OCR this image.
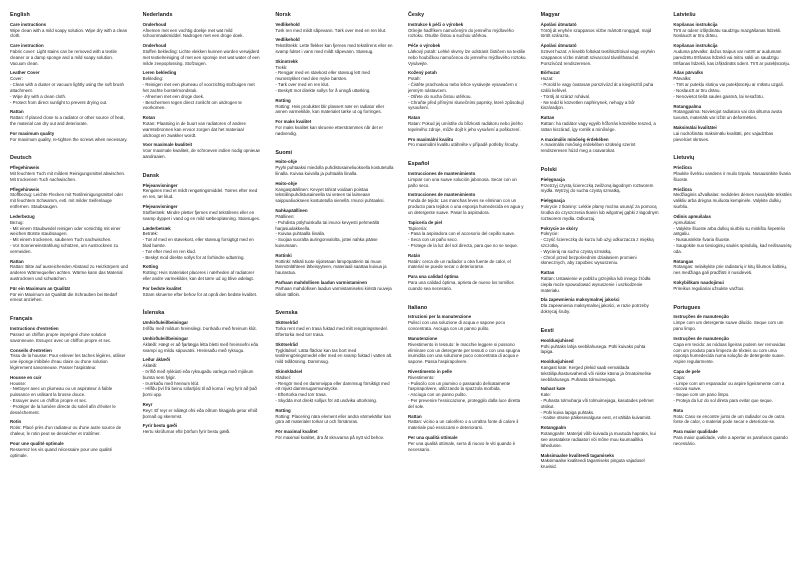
English
Care instructions

Wipe clean with a mild soapy solution. Wipe dry with a clean cloth.

Care instruction

Fabric cover: Light stains can be removed with a textile cleaner or a damp sponge and a mild soapy solution. Vacuum clean.

Leather Cover

Cover:

- Clean with a duster or vacuum lightly using the soft brush attachment.

- Wipe dry with a clean cloth.

- Protect from direct sunlight to prevent drying out.

Rattan

Rattan: If placed close to a radiator or other source of heat, the material can dry out and deteriorate.

For maximum quality

For maximum quality, re-tighten the screws when necessary.

Deutsch
Pflegehinweis

Mit feuchtem Tuch mit mildem Reinigungsmittel abwischen. Mit trockenem Tuch nachwischen.

Pflegehinweis

Stoffbezug: Leichte Flecken mit Textilreinigungsmittel oder mit feuchtem Schwamm, evtl. mit milder Seifenlauge entfernen. Staubsaugen.

Lederbezug

Bezug:

- Mit einem Staubwedel reinigen oder vorsichtig mit einer weichen Bürste staubsaugen.

- Mit einem trockenen, sauberen Tuch nachwischen.

- Vor Sonneneinstrahlung schützen, um Austrocknen zu vermeiden.

Rattan

Rattan: Bitte auf ausreichenden Abstand zu Heizkörpern und anderen Wärmequellen achten. Wärme kann das Material austrocknen und schwächen.

Für ein Maximum an Qualität

Für ein Maximum an Qualität die Schrauben bei Bedarf erneut anziehen.

Français
Instructions d'entretien

Passez un chiffon propre imprégné d'une solution savonneuse. Essuyez avec un chiffon propre et sec.

Conseils d'entretien

Tissu de la housse: Pour enlever les taches légères, utiliser une éponge imbibée d'eau claire ou d'une solution légèrement savonneuse. Passer l'aspirateur.

Housse en cuir

Housse:

- Nettoyer avec un plumeau ou un aspirateur à faible puissance en utilisant la brosse douce.

- Essuyer avec un chiffon propre et sec.

- Protéger de la lumière directe du soleil afin d'éviter le dessèchement.

Rotin

Rotin: Placé près d'un radiateur ou d'une autre source de chaleur, le rotin peut se dessécher et s'abîmer.

Pour une qualité optimale

Resserrez les vis quand nécessaire pour une qualité optimale.

Nederlands
Onderhoud

Afnemen met een vochtig doekje met wat mild schoonmaakmiddel. Nadrogen met een droge doek.

Onderhoud

Stoffen bekleding: Lichte vlekken kunnen worden verwijderd met textielreiniging of met een sponsje met wat water of een milde zeepoplossing. Stofzuigen.

Leren bekleding

Bekleding:

- Reinigen met een plumeau of voorzichtig stofzuigen met het zachte borstelmondstuk.

- Afnemen met een droge doek.

- Beschermen tegen direct zonlicht om uitdrogen te voorkomen.

Rotan

Rotan: Plaatsing in de buurt van radiatoren of andere warmtebronnen kan ervoor zorgen dat het materiaal uitdroogt en zwakker wordt.

Voor maximale kwaliteit

Voor maximale kwaliteit, de schroeven indien nodig opnieuw aandraaien.

Dansk
Plejeanvisninger

Rengøres med et mildt rengøringsmiddel. Tørres efter med en ren, tør klud.

Plejeanvisninger

Stofbetræk: Mindre pletter fjernes med tekstilrens eller en svamp dyppet i vand og en mild sæbeopløsning. Støvsuges.

Læderbetræk

Betræk:

- Tør af med en støvekost, eller støvsug forsigtigt med en blød børste.

- Tør efter med en ren klud.

- Beskyt mod direkte sollys for at forhindre udtørring.

Rotting

Rotting: Hvis materialet placeres i nærheden af radiatorer eller andre varmekilder, kan det tørre ud og blive ødelagt.

For bedste kvalitet

Stram skruerne efter behov for at opnå den bedste kvalitet.

Íslenska
Umhirðuleiðbeiningar

Þrífðu með mildum hreinsilegi. Þurrkaðu með hreinum klút.

Umhirðuleiðbeiningar

Áklæði: Hægt er að fjarlægja létta bletti með hreinsiefni eða svampi og mildu sápuvatni. Hreinsaðu með ryksugu.

Leður áklæði

Áklæði:

- Þrífið með rykkústi eða ryksugaðu varlega með mjúkum bursta sem fylgir.

- Þurrkaðu með hreinum klút.

- Hlífðu því frá beinu sólarljósi til að koma í veg fyrir að það þorni upp.

Reyr

Reyr: Ef reyr er nálægt ofni eða öðrum hitagjafa getur efnið þornað og skemmst.

Fyrir bestu gæði

Hertu skrúfurnar eftir þörfum fyrir bestu gæði.

Norsk
Vedlikehold

Tørk ren med mildt såpevann. Tørk over med en ren klut.

Vedlikehold

Tekstiltrekk: Lette flekker kan fjernes med tekstilrens eller en svamp fuktet i vann med mildt såpevann. Støvsug.

Skinntrekk

Trekk:

- Rengjør med en støvkost eller støvsug lett med munnstykket med den myke børsten.

- Tørk over med en ren klut.

- Beskytt mot direkte sollys for å unngå uttørking.

Rotting

Rotting: Hvis produktet blir plassert nær en radiator eller annen varmekilde, kan materialet tørke ut og forringes.

For maks kvalitet

For maks kvalitet kan skruene etterstrammes når det er nødvendig.

Suomi
Hoito-ohje

Pyyhi puhtaaksi miedolla puhdistusaineliuoksella kostutetulla liinalla. Kuivaa kuivalla ja puhtaalla liinalla.

Hoito-ohje

Kangaspäällinen: Kevyet tahrat voidaan poistaa tekstiilinpuhdistusaineella tai veteen tai laimeaan saippualiuokseen kostutetulla sienellä. Imuroi puhtaaksi.

Nahkapäällinen

Päällinen:

- Puhdista pölyhuiskulla tai imuroi kevyesti pehmeällä harjasuulakkeella.

- Kuivaa puhtaalla liinalla.

- Suojaa suoralta auringonvalolta, jottei nahka pääse kuivumaan.

Rottinki

Rottinki: Mikäli tuote sijoitetaan lämpöpatterin tai muun lämmönlähteen läheisyyteen, materiaali saattaa kuivua ja haurastua.

Parhaan mahdollisen laadun varmistaminen

Parhaan mahdollisen laadun varmistamiseksi kiristä ruuveja silloin tällöin.

Svenska
Skötselråd

Torka rent med en trasa fuktad med milt rengöringsmedel. Eftertorka med torr trasa.

Skötselråd

Tygklädsel: Lätta fläckar kan tas bort med textilrengöringsmedel eller med en svamp fuktad i vatten alt. mild tvållösning. Dammsug.

Skinnklädsel

Klädsel:

- Rengör med en dammvippa eller dammsug försiktigt med ett mjukt dammsugarmunstycke.

- Eftertorka med torr trasa.

- Skydda mot direkt solljus för att undvika uttorkning.

Rotting

Rotting: Placering nära element eller andra värmekällor kan göra att materialet torkar ut och försämras.

För maximal kvalitet

För maximal kvalitet, dra åt skruvarna på nytt vid behov.

Česky
Instrukce k péči o výrobek

Otírejte hadříkem namočeným do jemného mýdlového roztoku. Osušte čistou a suchou utěrkou.

Péče o výrobek

Látkový potah: Lehké skvrny lze odstranit čističem na textilie nebo houbičkou namočenou do jemného mýdlového roztoku. Vysávejte.

Kožený potah

Potah:

- Čistěte prachovkou nebo lehce vysávejte vysavačem s jemným nástavcem.

- Otřete do sucha čistou utěrkou.

- Chraňte před přímými slunečními paprsky, které způsobují vysoušení.

Ratan

Ratan: Pokud jej umístíte do blízkosti radiátoru nebo jiného tepelného zdroje, může dojít k jeho vysušení a poškození.

Pro maximální kvalitu

Pro maximální kvalitu utáhněte v případě potřeby šrouby.

Español
Instrucciones de mantenimiento

Limpiar con una suave solución jabonosa. Secar con un paño seco.

Instrucciones de mantenimiento

Funda de tejido: Las manchas leves se eliminan con un producto para tejidos o una esponja humedecida en agua y un detergente suave. Pasar la aspiradora.

Tapicería de piel

Tapicería:

- Pasa la aspiradora con el accesorio del cepillo suave.

- Seca con un paño seco.

- Protege de la luz del sol directa, para que no se seque.

Ratán

Ratán: cerca de un radiador u otra fuente de calor, el material se puede secar o deteriorarse.

Para una calidad óptima

Para una calidad óptima, aprieta de nuevo los tornillos cuando sea necesario.

Italiano
Istruzioni per la manutenzione

Pulisci con una soluzione di acqua e sapone poco concentrata. Asciuga con un panno pulito.

Manutenzione

Rivestimento in tessuto: le macchie leggere si possono eliminare con un detergente per tessuti o con una spugna inumidita con una soluzione poco concentrata di acqua e sapone. Passa l'aspirapolvere.

Rivestimento in pelle

Rivestimento:

- Puliscilo con un piumino o passando delicatamente l'aspirapolvere, utilizzando la spazzola morbida.

- Asciuga con un panno pulito.

- Per prevenire l'essiccazione, proteggilo dalla luce diretta del sole.

Rattan

Rattan: vicino a un calorifero o a un'altra fonte di calore il materiale può essiccarsi e deteriorarsi.

Per una qualità ottimale

Per una qualità ottimale, serra di nuovo le viti quando è necessario.

Magyar
Ápolási útmutató

Törölj át enyhén szappanos vízbe mártott ronggyal, majd törölt szárazra.

Ápolási útmutató

Szövet huzat: A kisebb foltokat textiltisztítóval vagy enyhén szappanos vízbe mártott szivaccsal távolíthatod el. Porszívózd rendszeresen.

Bőrhuzat

Huzat:

- Porold le vagy óvatosan porszívózd át a kiegészítő puha szálú kefével.

- Törölj át száraz ruhával.

- Ne tedd ki közvetlen napfénynek, nehogy a bőr kiszáradjon.

Rattan

Rattan: ha radiátor vagy egyéb hőforrás közelébe teszed, a rattan kiszárad, így romlik a minősége.

A maximális minőség érdekében

A maximális minőség érdekében szükség szerint rendszeresen húzd meg a csavarokat.

Polski
Pielęgnacja

Przetrzyj czystą ściereczką zwilżoną łagodnym roztworem mydła. Wytrzyj do sucha czystą szmatką.

Pielęgnacja

Pokrycie z tkaniny: Lekkie plamy można usunąć za pomocą środka do czyszczenia tkanin lub wilgotnej gąbki z łagodnym roztworem mydła. Odkurzaj.

Pokrycie ze skóry

Pokrycie:

- Czyść ściereczką do kurzu lub użyj odkurzacza z miękką szczotką.

- Wycieraj na sucho czystą szmatką.

- Chroń przed bezpośrednim działaniem promieni słonecznych, aby zapobiec wysuszeniu.

Rattan

Rattan: Ustawienie w pobliżu grzejnika lub innego źródła ciepła może spowodować wysuszenie i uszkodzenie materiału.

Dla zapewnienia maksymalnej jakości

Dla zapewnienia maksymalnej jakości, w razie potrzeby dokręcaj śruby.

Eesti
Hooldusjuhised

Pühi puhtaks lahja seebilahusega. Pühi kuivaks puhta lapiga.

Hooldusjuhised

Kangast kate: Kerged plekid saab eemaldada tekstiilipuhastusvahendi või niiske käsna ja õrnatoimelise seebilahusega. Puhasta tolmuimejaga.

Nahast kate

Kate:

- Puhasta tolmuharja või tolmuimejaga, kasutades pehmet otsikut.

- Pühi kuiva lapiga puhtaks.

- Kaitse otsese päikesevalguse eest, et vältida kuivamist.

Rotangpalm

Rotangpalm: Materjal võib kuivada ja muutuda hapraks, kui see asetatakse radiaatori või mõne muu kuumaallika lähedusse.

Maksimaalse kvaliteedi tagamiseks

Maksimaalse kvaliteedi tagamiseks pinguta vajadusel kruvisid.

Latviešu
Kopšanas instrukcija

Tīrīt ar ūdenī izšķīdinātu saudzīgu mazgāšanas līdzekli. Noslaucīt ar tīru drānu.

Kopšanas instrukcija

Auduma pārvalks: dažus traipus var notīrīt ar audumam paredzētu tīrīšanas līdzekli vai mitru sūkli un saudzīgu tīrīšanas līdzekli, kas izšķīdināts ūdenī. Tīrīt ar putekļsūcēju.

Ādas pārvalks

Pārvalks:

- Tīrīt ar putekļu slotiņu vai putekļsūcēju ar mīkstu uzgali.

- Noslaucīt ar tīru drānu.

- Nenovietot tiešā saules gaismā, lai nesažūtu.

Rotangpalma

Rotangpalma: Novietojot radiatora vai cita siltuma avota tuvumā, materiāls var izžūt un deformēties.

Maksimālai kvalitātei

Lai nodrošinātu maksimālu kvalitāti, pēc vajadzības pievelciet skrūves.

Lietuvių
Priežiūra

Plaukite švelniu vandens ir muilo tirpalu. Nusausinkite švaria šluoste.

Priežiūra

Medžiaginis užvalkalas: nedideles dėmes nuvalykite tekstilės valikliu arba drėgna muiluota kempinėle. Valykite dulkių siurbliu.

Odinis apmušalas

Apmušalas:

- Valykite šluoste arba dulkių siurbliu su minkštu šepetėlio antgaliu.

- Nusausinkite švaria šluoste.

- Saugokite nuo tiesioginių saulės spindulių, kad neišsausėtų oda.

Rotangas

Rotangas: nelaikykite prie radiatorių ir kitų šilumos šaltinių, nes medžiaga gali pradžiūti ir nusidėvėti.

Kokybiškam naudojimui

Prireikus reguliariai užsukite varžtus.

Portugues
Instruções de manutenção

Limpe com um detergente suave diluído. Seque com um pano limpo.

Instruções de manutenção

Capa em tecido: as nódoas ligeiras podem ser removidas com um produto para limpeza de têxteis ou com uma esponja humedecida numa solução de detergente suave. Aspire regularmente.

Capa de pele

Capa:

- Limpe com um espanador ou aspire ligeiramente com a escova suave.

- Seque com um pano limpo.

- Proteja da luz do sol direta para evitar que seque.

Rota

Rota: Caso se encontre junto de um radiador ou de outra fonte de calor, o material pode secar e deteriorar-se.

Para maior qualidade

Para maior qualidade, volte a apertar os parafusos quando necessário.
